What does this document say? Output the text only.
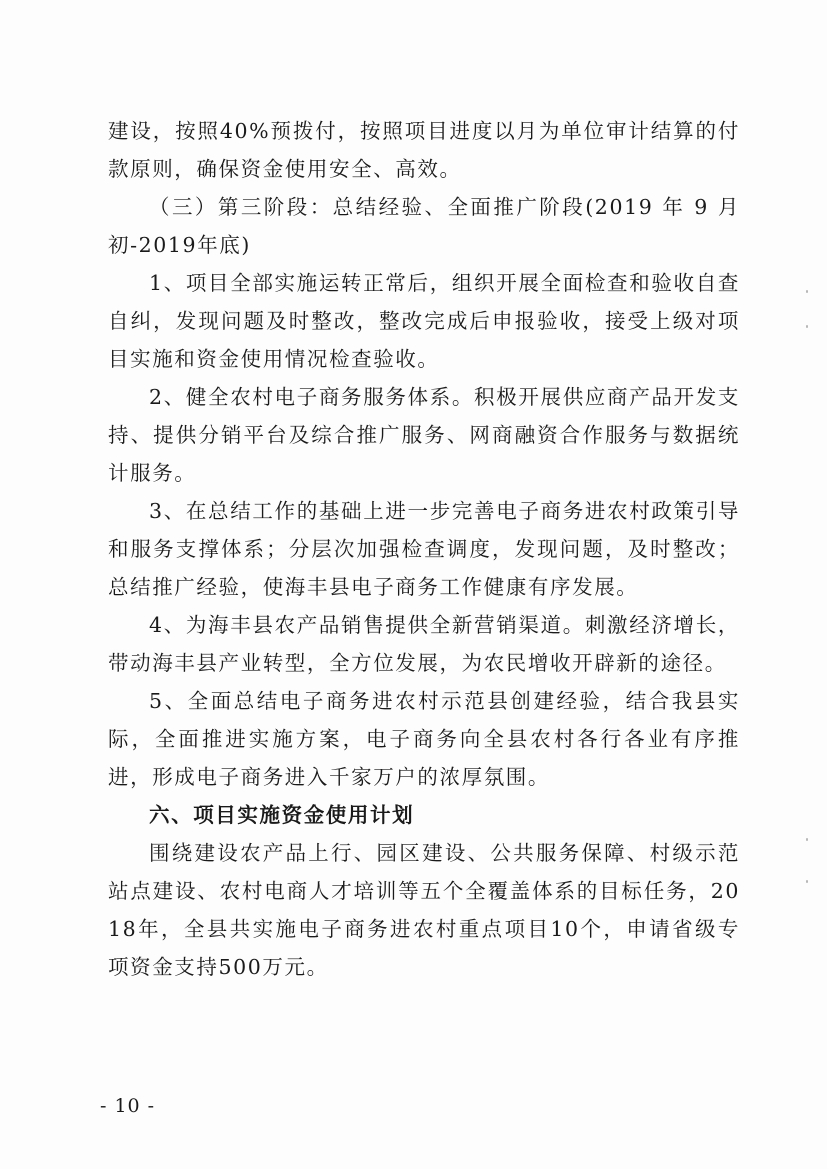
建设，按照40%预拨付，按照项目进度以月为单位审计结算的付款原则，确保资金使用安全、高效。

（三）第三阶段：总结经验、全面推广阶段(2019 年 9 月初-2019年底)

1、项目全部实施运转正常后，组织开展全面检查和验收自查自纠，发现问题及时整改，整改完成后申报验收，接受上级对项目实施和资金使用情况检查验收。

2、健全农村电子商务服务体系。积极开展供应商产品开发支持、提供分销平台及综合推广服务、网商融资合作服务与数据统计服务。

3、在总结工作的基础上进一步完善电子商务进农村政策引导和服务支撑体系；分层次加强检查调度，发现问题，及时整改；总结推广经验，使海丰县电子商务工作健康有序发展。

4、为海丰县农产品销售提供全新营销渠道。刺激经济增长，带动海丰县产业转型，全方位发展，为农民增收开辟新的途径。

5、全面总结电子商务进农村示范县创建经验，结合我县实际，全面推进实施方案，电子商务向全县农村各行各业有序推进，形成电子商务进入千家万户的浓厚氛围。

六、项目实施资金使用计划

围绕建设农产品上行、园区建设、公共服务保障、村级示范站点建设、农村电商人才培训等五个全覆盖体系的目标任务，2018年，全县共实施电子商务进农村重点项目10个，申请省级专项资金支持500万元。

- 10 -
